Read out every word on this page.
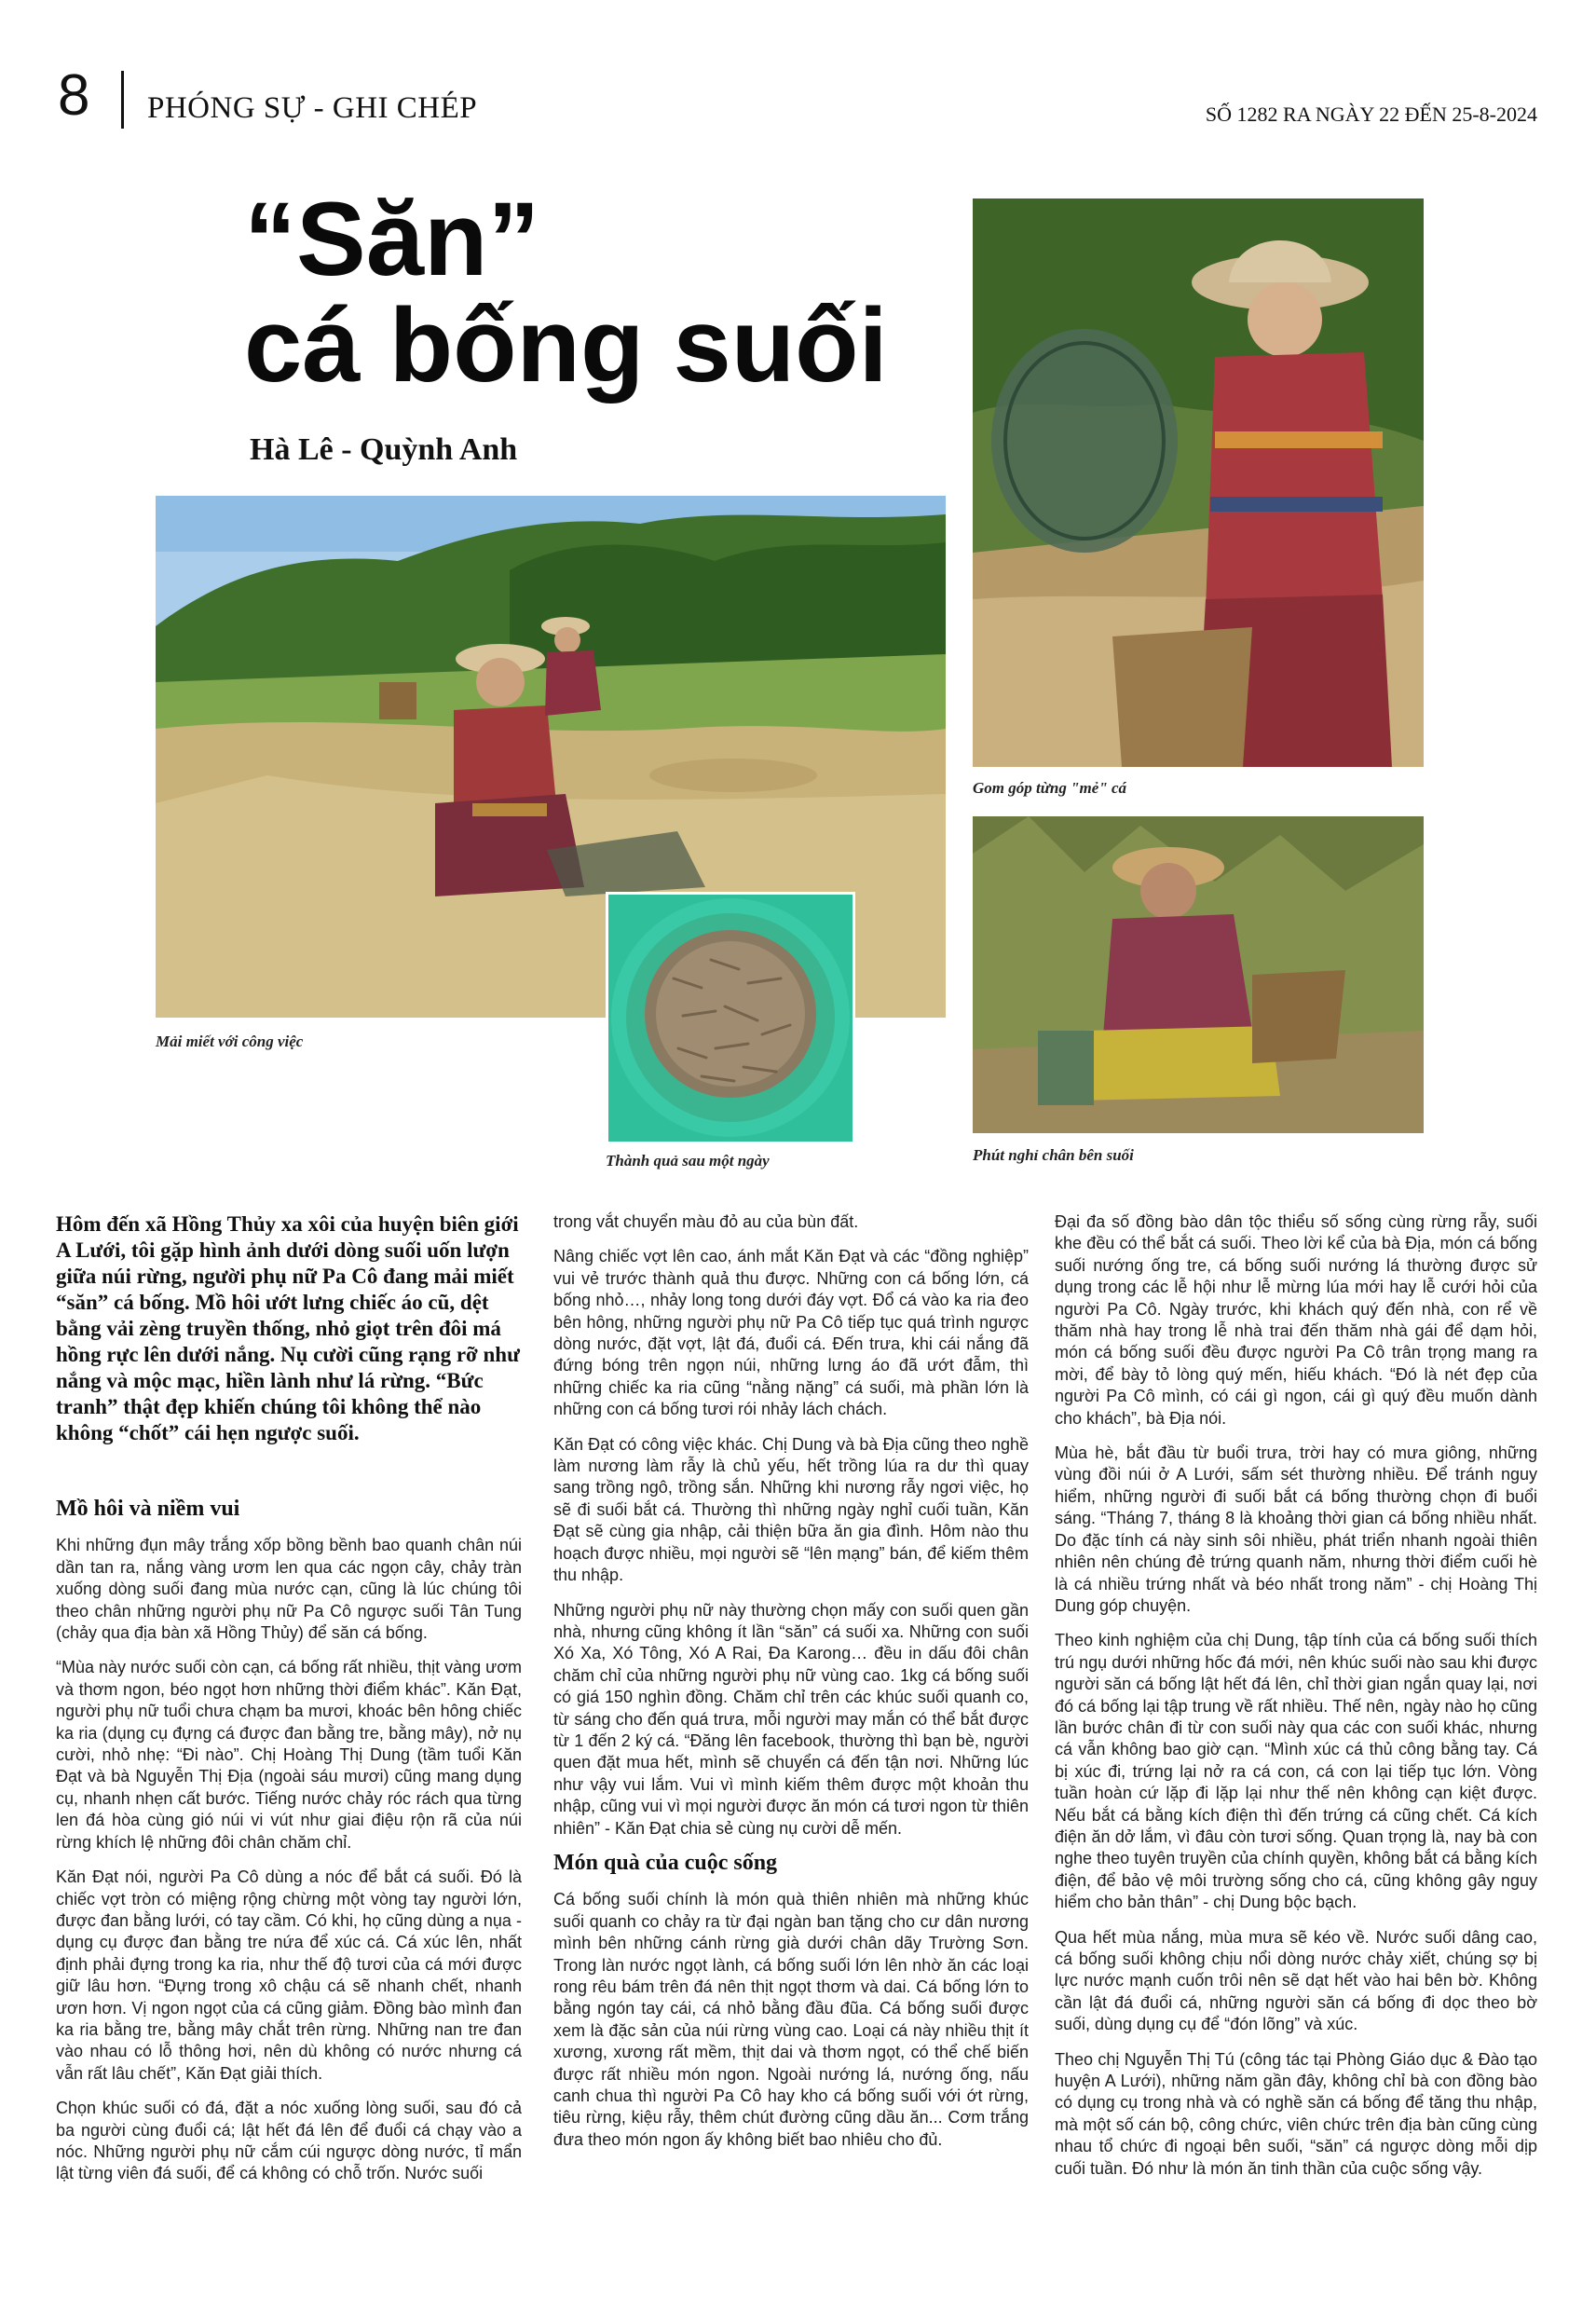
8 PHÓNG SỰ - GHI CHÉP	SỐ 1282 RA NGÀY 22 ĐẾN 25-8-2024
“Săn”
cá bống suối
Hà Lê - Quỳnh Anh
Mải miết với công việc
Gom góp từng "mẻ" cá
Phút nghỉ chân bên suối
Thành quả sau một ngày

Hôm đến xã Hồng Thủy xa xôi của huyện biên giới A Lưới, tôi gặp hình ảnh dưới dòng suối uốn lượn giữa núi rừng, người phụ nữ Pa Cô đang mải miết “săn” cá bống. Mồ hôi ướt lưng chiếc áo cũ, dệt bằng vải zèng truyền thống, nhỏ giọt trên đôi má hồng rực lên dưới nắng. Nụ cười cũng rạng rỡ như nắng và mộc mạc, hiền lành như lá rừng. “Bức tranh” thật đẹp khiến chúng tôi không thể nào không “chốt” cái hẹn ngược suối.

Mồ hôi và niềm vui

Khi những đụn mây trắng xốp bồng bềnh bao quanh chân núi dần tan ra, nắng vàng ươm len qua các ngọn cây, chảy tràn xuống dòng suối đang mùa nước cạn, cũng là lúc chúng tôi theo chân những người phụ nữ Pa Cô ngược suối Tân Tung (chảy qua địa bàn xã Hồng Thủy) để săn cá bống.

“Mùa này nước suối còn cạn, cá bống rất nhiều, thịt vàng ươm và thơm ngon, béo ngọt hơn những thời điểm khác”. Kăn Đạt, người phụ nữ tuổi chưa chạm ba mươi, khoác bên hông chiếc ka ria (dụng cụ đựng cá được đan bằng tre, bằng mây), nở nụ cười, nhỏ nhẹ: “Đi nào”. Chị Hoàng Thị Dung (tầm tuổi Kăn Đạt và bà Nguyễn Thị Địa (ngoài sáu mươi) cũng mang dụng cụ, nhanh nhẹn cất bước. Tiếng nước chảy róc rách qua từng len đá hòa cùng gió núi vi vút như giai điệu rộn rã của núi rừng khích lệ những đôi chân chăm chỉ.

Kăn Đạt nói, người Pa Cô dùng a nóc để bắt cá suối. Đó là chiếc vợt tròn có miệng rộng chừng một vòng tay người lớn, được đan bằng lưới, có tay cầm. Có khi, họ cũng dùng a nụa - dụng cụ được đan bằng tre nứa để xúc cá. Cá xúc lên, nhất định phải đựng trong ka ria, như thế độ tươi của cá mới được giữ lâu hơn. “Đựng trong xô chậu cá sẽ nhanh chết, nhanh ươn hơn. Vị ngon ngọt của cá cũng giảm. Đồng bào mình đan ka ria bằng tre, bằng mây chắt trên rừng. Những nan tre đan vào nhau có lỗ thông hơi, nên dù không có nước nhưng cá vẫn rất lâu chết”, Kăn Đạt giải thích.

Chọn khúc suối có đá, đặt a nóc xuống lòng suối, sau đó cả ba người cùng đuổi cá; lật hết đá lên để đuổi cá chạy vào a nóc. Những người phụ nữ cắm cúi ngược dòng nước, tỉ mẩn lật từng viên đá suối, để cá không có chỗ trốn. Nước suối

trong vắt chuyển màu đỏ au của bùn đất.

Nâng chiếc vợt lên cao, ánh mắt Kăn Đạt và các “đồng nghiệp” vui vẻ trước thành quả thu được. Những con cá bống lớn, cá bống nhỏ…, nhảy long tong dưới đáy vợt. Đổ cá vào ka ria đeo bên hông, những người phụ nữ Pa Cô tiếp tục quá trình ngược dòng nước, đặt vợt, lật đá, đuổi cá. Đến trưa, khi cái nắng đã đứng bóng trên ngọn núi, những lưng áo đã ướt đẫm, thì những chiếc ka ria cũng “nằng nặng” cá suối, mà phần lớn là những con cá bống tươi rói nhảy lách chách.

Kăn Đạt có công việc khác. Chị Dung và bà Địa cũng theo nghề làm nương làm rẫy là chủ yếu, hết trồng lúa ra dư thì quay sang trồng ngô, trồng sắn. Những khi nương rẫy ngơi việc, họ sẽ đi suối bắt cá. Thường thì những ngày nghỉ cuối tuần, Kăn Đạt sẽ cùng gia nhập, cải thiện bữa ăn gia đình. Hôm nào thu hoạch được nhiều, mọi người sẽ “lên mạng” bán, để kiếm thêm thu nhập.

Những người phụ nữ này thường chọn mấy con suối quen gần nhà, nhưng cũng không ít lần “săn” cá suối xa. Những con suối Xó Xa, Xó Tông, Xó A Rai, Đa Karong… đều in dấu đôi chân chăm chỉ của những người phụ nữ vùng cao. 1kg cá bống suối có giá 150 nghìn đồng. Chăm chỉ trên các khúc suối quanh co, từ sáng cho đến quá trưa, mỗi người may mắn có thể bắt được từ 1 đến 2 ký cá. “Đăng lên facebook, thường thì bạn bè, người quen đặt mua hết, mình sẽ chuyển cá đến tận nơi. Những lúc như vậy vui lắm. Vui vì mình kiếm thêm được một khoản thu nhập, cũng vui vì mọi người được ăn món cá tươi ngon từ thiên nhiên” - Kăn Đạt chia sẻ cùng nụ cười dễ mến.

Món quà của cuộc sống

Cá bống suối chính là món quà thiên nhiên mà những khúc suối quanh co chảy ra từ đại ngàn ban tặng cho cư dân nương mình bên những cánh rừng già dưới chân dãy Trường Sơn. Trong làn nước ngọt lành, cá bống suối lớn lên nhờ ăn các loại rong rêu bám trên đá nên thịt ngọt thơm và dai. Cá bống lớn to bằng ngón tay cái, cá nhỏ bằng đầu đũa. Cá bống suối được xem là đặc sản của núi rừng vùng cao. Loại cá này nhiều thịt ít xương, xương rất mềm, thịt dai và thơm ngọt, có thể chế biến được rất nhiều món ngon. Ngoài nướng lá, nướng ống, nấu canh chua thì người Pa Cô hay kho cá bống suối với ớt rừng, tiêu rừng, kiệu rẫy, thêm chút đường cũng dầu ăn... Cơm trắng đưa theo món ngon ấy không biết bao nhiêu cho đủ.

Đại đa số đồng bào dân tộc thiểu số sống cùng rừng rẫy, suối khe đều có thể bắt cá suối. Theo lời kể của bà Địa, món cá bống suối nướng ống tre, cá bống suối nướng lá thường được sử dụng trong các lễ hội như lễ mừng lúa mới hay lễ cưới hỏi của người Pa Cô. Ngày trước, khi khách quý đến nhà, con rể về thăm nhà hay trong lễ nhà trai đến thăm nhà gái để dạm hỏi, món cá bống suối đều được người Pa Cô trân trọng mang ra mời, để bày tỏ lòng quý mến, hiếu khách. “Đó là nét đẹp của người Pa Cô mình, có cái gì ngon, cái gì quý đều muốn dành cho khách”, bà Địa nói.

Mùa hè, bắt đầu từ buổi trưa, trời hay có mưa giông, những vùng đồi núi ở A Lưới, sấm sét thường nhiều. Để tránh nguy hiểm, những người đi suối bắt cá bống thường chọn đi buổi sáng. “Tháng 7, tháng 8 là khoảng thời gian cá bống nhiều nhất. Do đặc tính cá này sinh sôi nhiều, phát triển nhanh ngoài thiên nhiên nên chúng đẻ trứng quanh năm, nhưng thời điểm cuối hè là cá nhiều trứng nhất và béo nhất trong năm” - chị Hoàng Thị Dung góp chuyện.

Theo kinh nghiệm của chị Dung, tập tính của cá bống suối thích trú ngụ dưới những hốc đá mới, nên khúc suối nào sau khi được người săn cá bống lật hết đá lên, chỉ thời gian ngắn quay lại, nơi đó cá bống lại tập trung về rất nhiều. Thế nên, ngày nào họ cũng lần bước chân đi từ con suối này qua các con suối khác, nhưng cá vẫn không bao giờ cạn. “Mình xúc cá thủ công bằng tay. Cá bị xúc đi, trứng lại nở ra cá con, cá con lại tiếp tục lớn. Vòng tuần hoàn cứ lặp đi lặp lại như thế nên không cạn kiệt được. Nếu bắt cá bằng kích điện thì đến trứng cá cũng chết. Cá kích điện ăn dở lắm, vì đâu còn tươi sống. Quan trọng là, nay bà con nghe theo tuyên truyền của chính quyền, không bắt cá bằng kích điện, để bảo vệ môi trường sống cho cá, cũng không gây nguy hiểm cho bản thân” - chị Dung bộc bạch.

Qua hết mùa nắng, mùa mưa sẽ kéo về. Nước suối dâng cao, cá bống suối không chịu nổi dòng nước chảy xiết, chúng sợ bị lực nước mạnh cuốn trôi nên sẽ dạt hết vào hai bên bờ. Không cần lật đá đuổi cá, những người săn cá bống đi dọc theo bờ suối, dùng dụng cụ để “đón lõng” và xúc.

Theo chị Nguyễn Thị Tú (công tác tại Phòng Giáo dục & Đào tạo huyện A Lưới), những năm gần đây, không chỉ bà con đồng bào có dụng cụ trong nhà và có nghề săn cá bống để tăng thu nhập, mà một số cán bộ, công chức, viên chức trên địa bàn cũng cùng nhau tổ chức đi ngoại bên suối, “săn” cá ngược dòng mỗi dịp cuối tuần. Đó như là món ăn tinh thần của cuộc sống vậy.
